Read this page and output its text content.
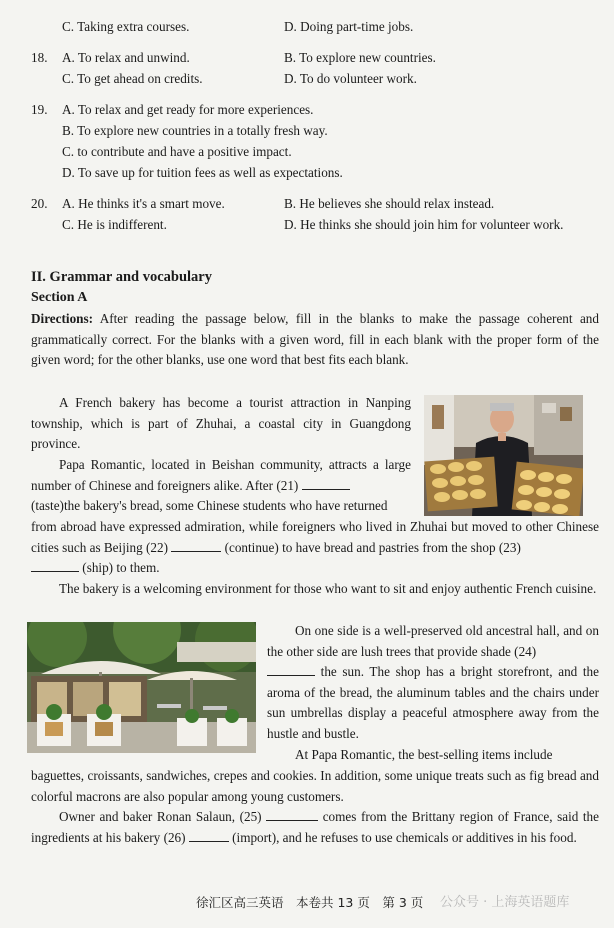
C. Taking extra courses.	D. Doing part-time jobs.
18. A. To relax and unwind.	B. To explore new countries.
C. To get ahead on credits.	D. To do volunteer work.
19. A. To relax and get ready for more experiences.
B. To explore new countries in a totally fresh way.
C. to contribute and have a positive impact.
D. To save up for tuition fees as well as expectations.
20. A. He thinks it's a smart move.	B. He believes she should relax instead.
C. He is indifferent.	D. He thinks she should join him for volunteer work.
II. Grammar and vocabulary
Section A
Directions: After reading the passage below, fill in the blanks to make the passage coherent and grammatically correct. For the blanks with a given word, fill in each blank with the proper form of the given word; for the other blanks, use one word that best fits each blank.
A French bakery has become a tourist attraction in Nanping township, which is part of Zhuhai, a coastal city in Guangdong province.
Papa Romantic, located in Beishan community, attracts a large number of Chinese and foreigners alike. After (21)
(taste)the bakery's bread, some Chinese students who have returned
from abroad have expressed admiration, while foreigners who lived in Zhuhai but moved to other Chinese cities such as Beijing (22)	(continue) to have bread and pastries from the shop (23)
(ship) to them.
The bakery is a welcoming environment for those who want to sit and enjoy authentic French cuisine.
On one side is a well-preserved old ancestral hall, and on the other side are lush trees that provide shade (24)
the sun. The shop has a bright storefront, and the aroma of the bread, the aluminum tables and the chairs under sun umbrellas display a peaceful atmosphere away from the hustle and bustle.
At Papa Romantic, the best-selling items include
baguettes, croissants, sandwiches, crepes and cookies. In addition, some unique treats such as fig bread and colorful macrons are also popular among young customers.
Owner and baker Ronan Salaun, (25)	comes from the Brittany region of France, said the ingredients at his bakery (26)	(import), and he refuses to use chemicals or additives in his food.
徐汇区高三英语　本卷共 13 页　第 3 页 公众号 · 上海英语题库
